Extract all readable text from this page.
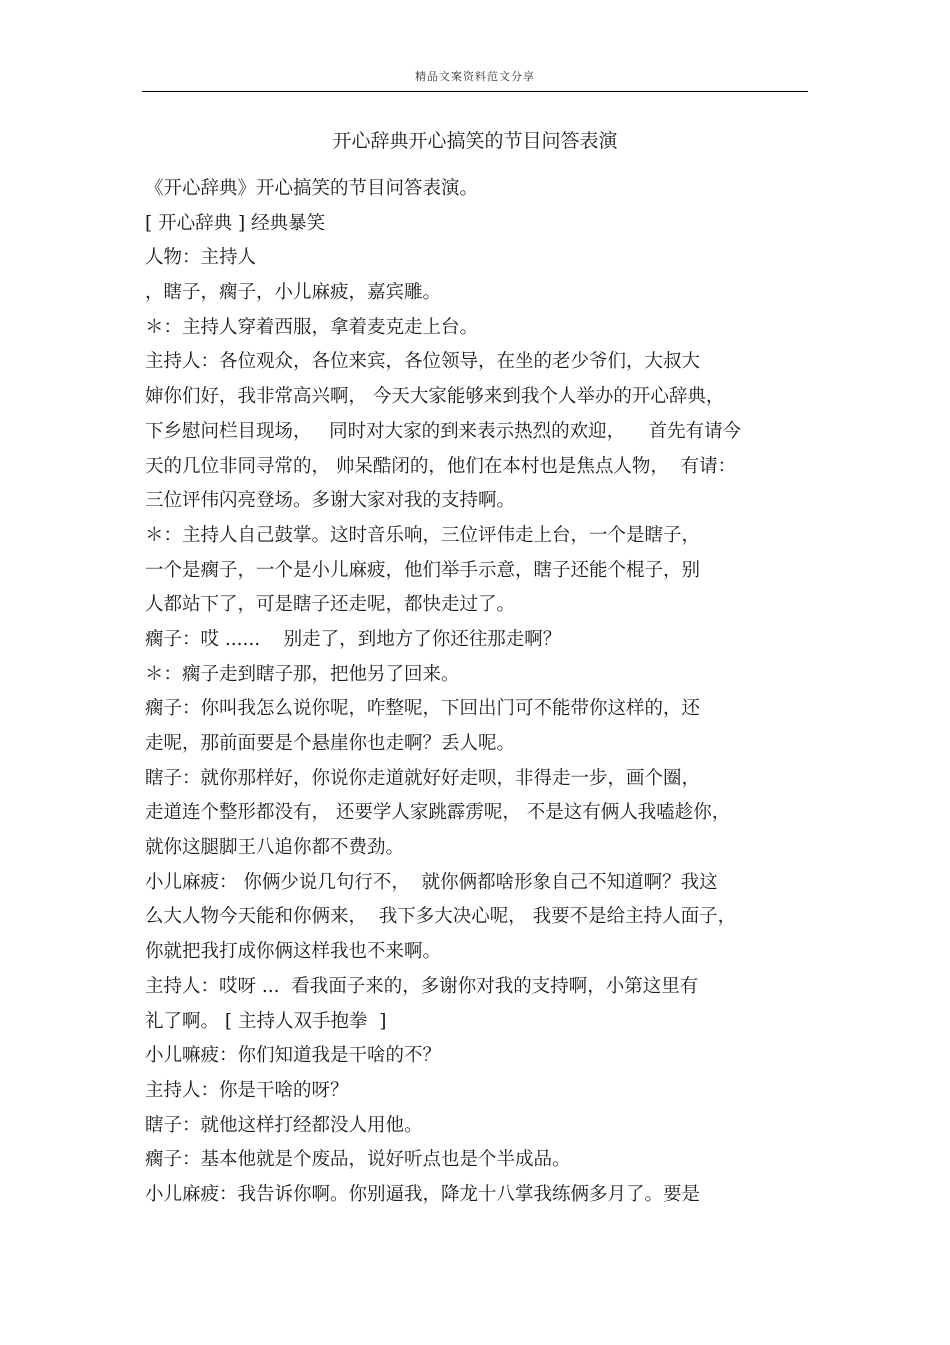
精品文案资料范文分享
开心辞典开心搞笑的节目问答表演
《开心辞典》开心搞笑的节目问答表演。
[ 开心辞典 ] 经典暴笑
人物：主持人
，瞎子，瘸子，小儿麻疲，嘉宾雕。
＊：主持人穿着西服，拿着麦克走上台。
主持人：各位观众，各位来宾，各位领导，在坐的老少爷们，大叔大
婶你们好，我非常高兴啊， 今天大家能够来到我个人举办的开心辞典，
下乡慰问栏目现场，   同时对大家的到来表示热烈的欢迎，    首先有请今
天的几位非同寻常的， 帅呆酷闭的，他们在本村也是焦点人物，  有请：
三位评伟闪亮登场。多谢大家对我的支持啊。
＊：主持人自己鼓掌。这时音乐响，三位评伟走上台，一个是瞎子，
一个是瘸子，一个是小儿麻疲，他们举手示意，瞎子还能个棍子，别
人都站下了，可是瞎子还走呢，都快走过了。
瘸子：哎 ......    别走了，到地方了你还往那走啊？
＊：瘸子走到瞎子那，把他另了回来。
瘸子：你叫我怎么说你呢，咋整呢，下回出门可不能带你这样的，还
走呢，那前面要是个悬崖你也走啊？丢人呢。
瞎子：就你那样好，你说你走道就好好走呗，非得走一步，画个圈，
走道连个整形都没有， 还要学人家跳霹雳呢， 不是这有俩人我嗑趁你，
就你这腿脚王八追你都不费劲。
小儿麻疲： 你俩少说几句行不，  就你俩都啥形象自己不知道啊？我这
么大人物今天能和你俩来，  我下多大决心呢， 我要不是给主持人面子，
你就把我打成你俩这样我也不来啊。
主持人：哎呀 ...  看我面子来的，多谢你对我的支持啊，小第这里有
礼了啊。 [ 主持人双手抱拳  ]
小儿嘛疲：你们知道我是干啥的不？
主持人：你是干啥的呀？
瞎子：就他这样打经都没人用他。
瘸子：基本他就是个废品，说好听点也是个半成品。
小儿麻疲：我告诉你啊。你别逼我，降龙十八掌我练俩多月了。要是
